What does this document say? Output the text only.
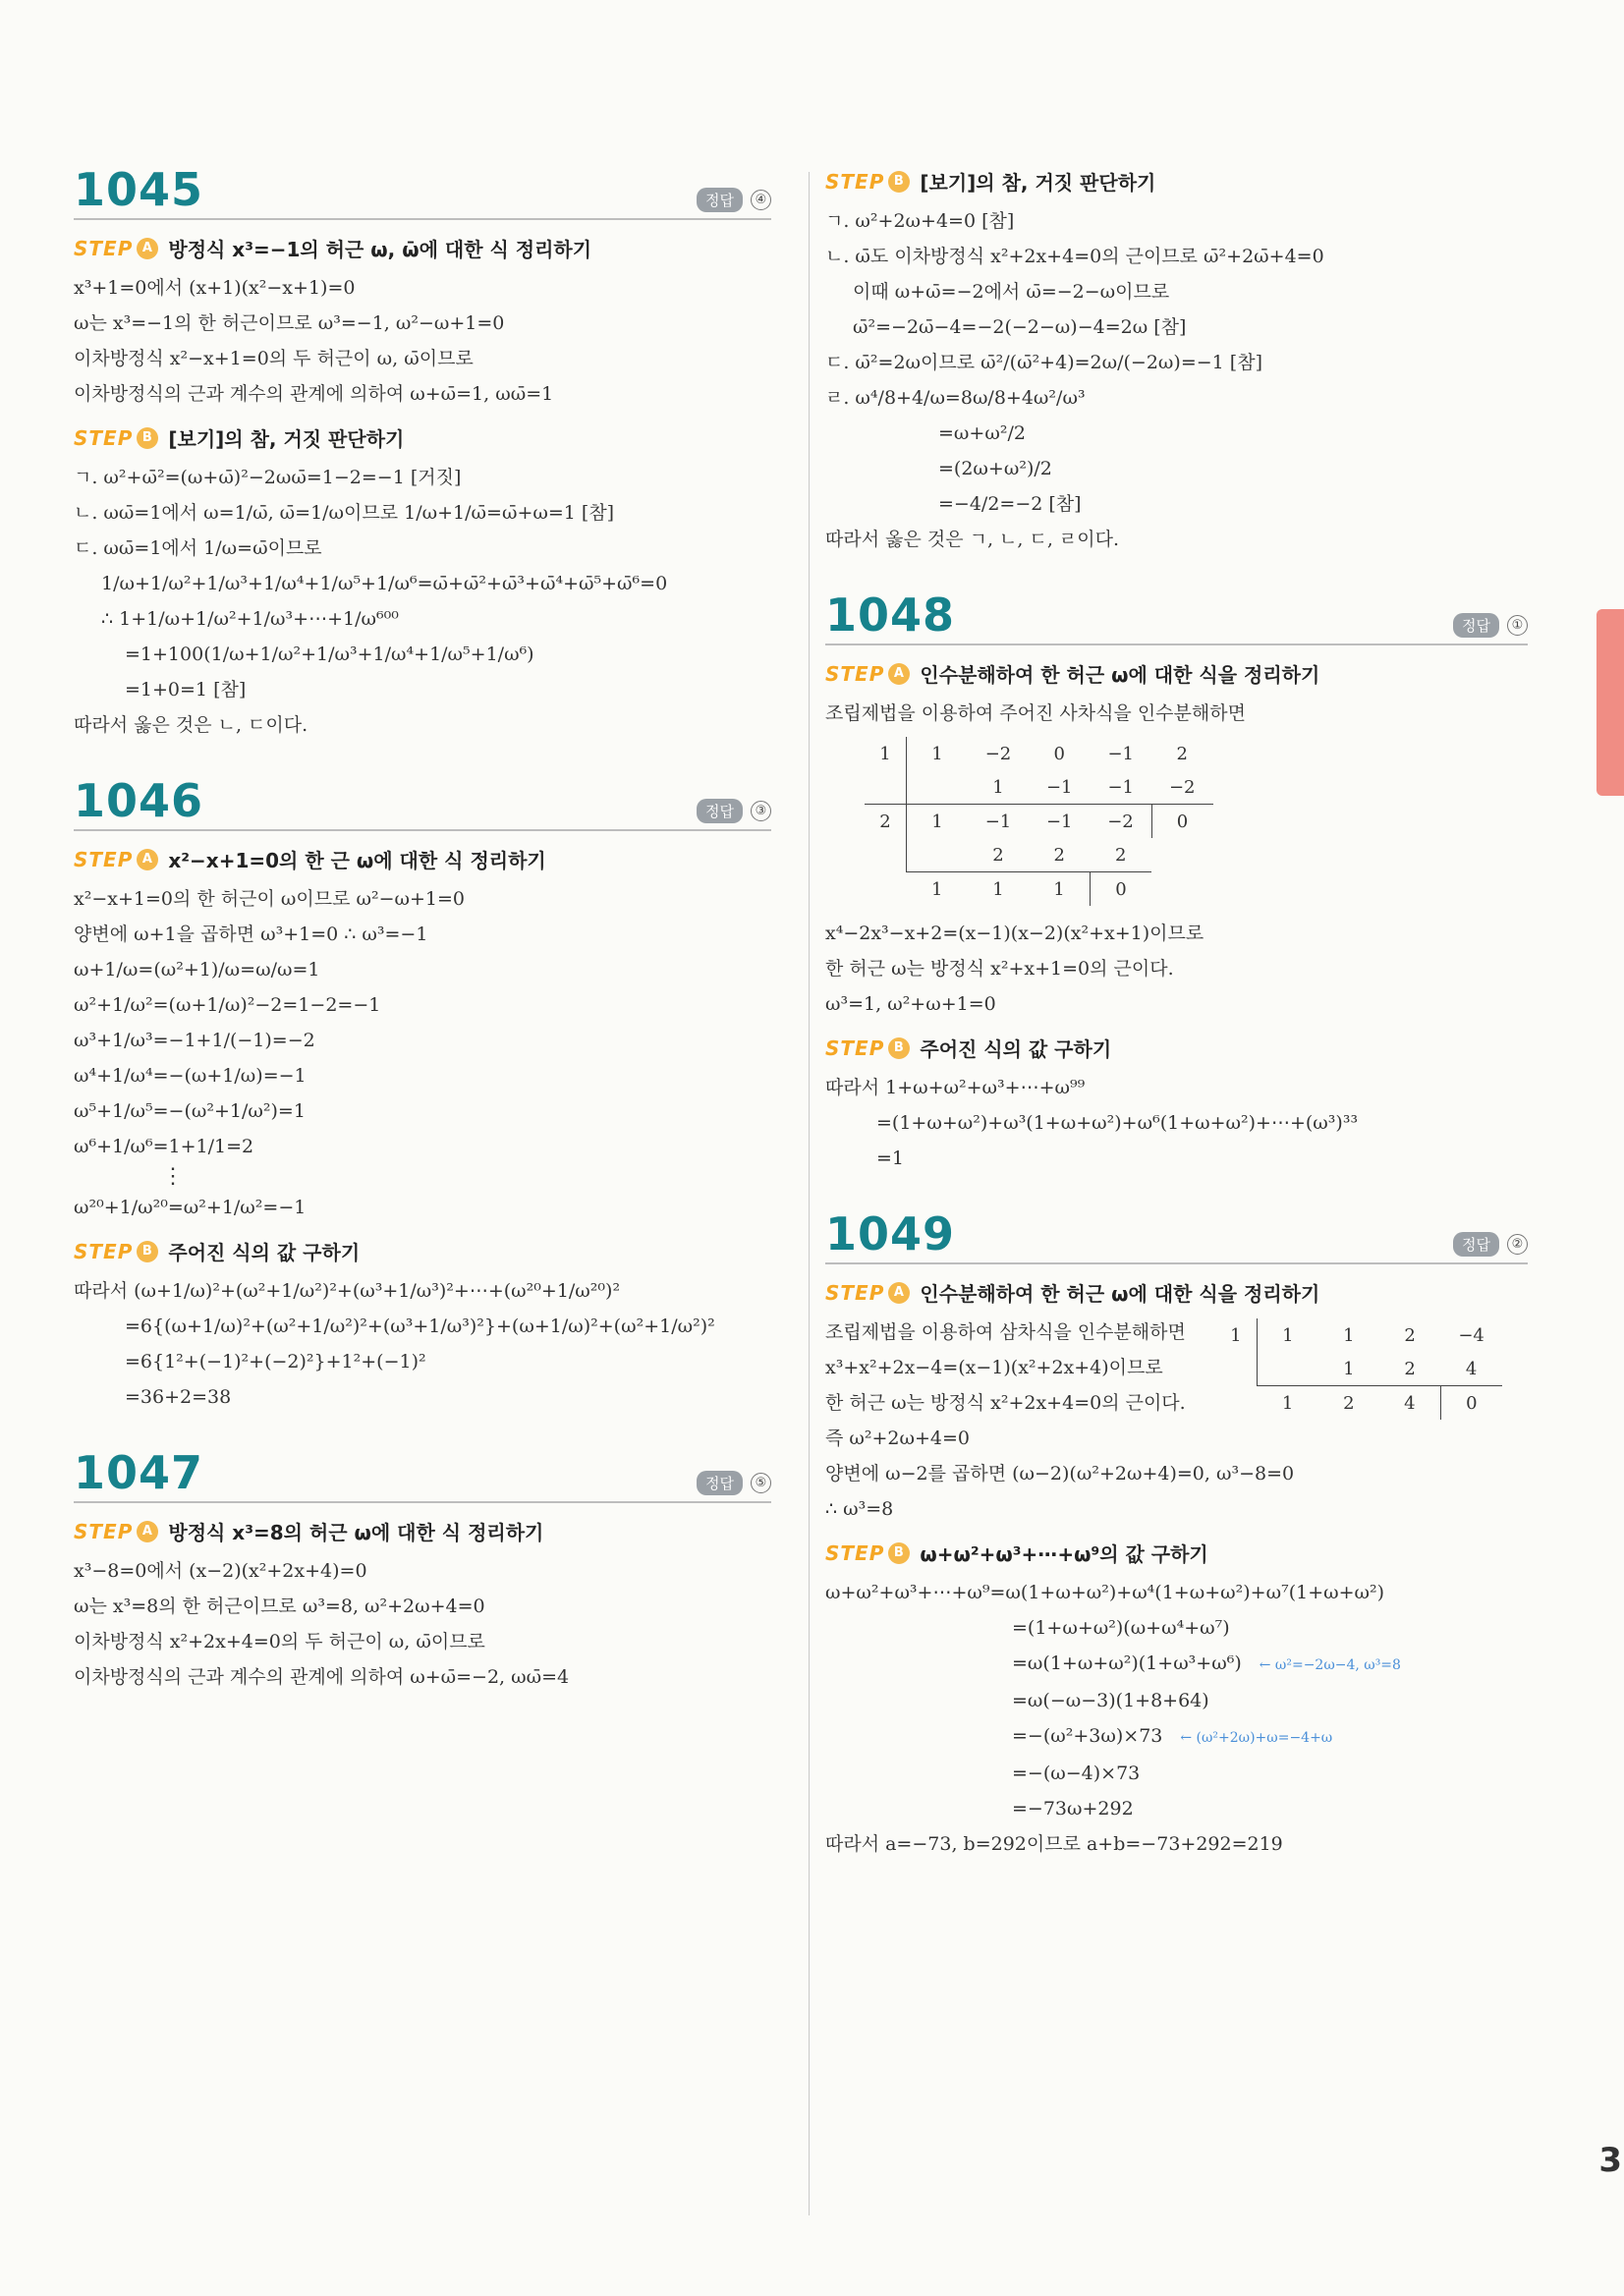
3
1045	정답	④
STEP A 방정식 x³=−1의 허근 ω, ω̄에 대한 식 정리하기
x³+1=0에서 (x+1)(x²−x+1)=0
ω는 x³=−1의 한 허근이므로 ω³=−1, ω²−ω+1=0
이차방정식 x²−x+1=0의 두 허근이 ω, ω̄이므로
이차방정식의 근과 계수의 관계에 의하여 ω+ω̄=1, ωω̄=1
STEP B [보기]의 참, 거짓 판단하기
ㄱ. ω²+ω̄²=(ω+ω̄)²−2ωω̄=1−2=−1 [거짓]
ㄴ. ωω̄=1에서 ω=1/ω̄, ω̄=1/ω이므로 1/ω+1/ω̄=ω̄+ω=1 [참]
ㄷ. ωω̄=1에서 1/ω=ω̄이므로
1/ω+1/ω²+1/ω³+1/ω⁴+1/ω⁵+1/ω⁶=ω̄+ω̄²+ω̄³+ω̄⁴+ω̄⁵+ω̄⁶=0
∴ 1+1/ω+1/ω²+1/ω³+⋯+1/ω⁶⁰⁰
=1+100(1/ω+1/ω²+1/ω³+1/ω⁴+1/ω⁵+1/ω⁶)
=1+0=1 [참]
따라서 옳은 것은 ㄴ, ㄷ이다.
1046	정답	③
STEP A x²−x+1=0의 한 근 ω에 대한 식 정리하기
x²−x+1=0의 한 허근이 ω이므로 ω²−ω+1=0
양변에 ω+1을 곱하면 ω³+1=0 ∴ ω³=−1
ω+1/ω=(ω²+1)/ω=ω/ω=1
ω²+1/ω²=(ω+1/ω)²−2=1−2=−1
ω³+1/ω³=−1+1/(−1)=−2
ω⁴+1/ω⁴=−(ω+1/ω)=−1
ω⁵+1/ω⁵=−(ω²+1/ω²)=1
ω⁶+1/ω⁶=1+1/1=2
⋮
ω²⁰+1/ω²⁰=ω²+1/ω²=−1
STEP B 주어진 식의 값 구하기
따라서 (ω+1/ω)²+(ω²+1/ω²)²+(ω³+1/ω³)²+⋯+(ω²⁰+1/ω²⁰)²
=6{(ω+1/ω)²+(ω²+1/ω²)²+(ω³+1/ω³)²}+(ω+1/ω)²+(ω²+1/ω²)²
=6{1²+(−1)²+(−2)²}+1²+(−1)²
=36+2=38
1047	정답	⑤
STEP A 방정식 x³=8의 허근 ω에 대한 식 정리하기
x³−8=0에서 (x−2)(x²+2x+4)=0
ω는 x³=8의 한 허근이므로 ω³=8, ω²+2ω+4=0
이차방정식 x²+2x+4=0의 두 허근이 ω, ω̄이므로
이차방정식의 근과 계수의 관계에 의하여 ω+ω̄=−2, ωω̄=4
STEP B [보기]의 참, 거짓 판단하기
ㄱ. ω²+2ω+4=0 [참]
ㄴ. ω̄도 이차방정식 x²+2x+4=0의 근이므로 ω̄²+2ω̄+4=0
이때 ω+ω̄=−2에서 ω̄=−2−ω이므로
ω̄²=−2ω̄−4=−2(−2−ω)−4=2ω [참]
ㄷ. ω̄²=2ω이므로 ω̄²/(ω̄²+4)=2ω/(−2ω)=−1 [참]
ㄹ. ω⁴/8+4/ω=8ω/8+4ω²/ω³
=ω+ω²/2
=(2ω+ω²)/2
=−4/2=−2 [참]
따라서 옳은 것은 ㄱ, ㄴ, ㄷ, ㄹ이다.
1048	정답	①
STEP A 인수분해하여 한 허근 ω에 대한 식을 정리하기
조립제법을 이용하여 주어진 사차식을 인수분해하면
1	1	−2	0	−1	2
		1	−1	−1	−2
2	1	−1	−1	−2	0
		2	2	2	
	1	1	1	0	
x⁴−2x³−x+2=(x−1)(x−2)(x²+x+1)이므로
한 허근 ω는 방정식 x²+x+1=0의 근이다.
ω³=1, ω²+ω+1=0
STEP B 주어진 식의 값 구하기
따라서 1+ω+ω²+ω³+⋯+ω⁹⁹
=(1+ω+ω²)+ω³(1+ω+ω²)+ω⁶(1+ω+ω²)+⋯+(ω³)³³
=1
1049	정답	②
STEP A 인수분해하여 한 허근 ω에 대한 식을 정리하기
조립제법을 이용하여 삼차식을 인수분해하면
x³+x²+2x−4=(x−1)(x²+2x+4)이므로
한 허근 ω는 방정식 x²+2x+4=0의 근이다.
1	1	1	2	−4
		1	2	4
	1	2	4	0
즉 ω²+2ω+4=0
양변에 ω−2를 곱하면 (ω−2)(ω²+2ω+4)=0, ω³−8=0
∴ ω³=8
STEP B ω+ω²+ω³+⋯+ω⁹의 값 구하기
ω+ω²+ω³+⋯+ω⁹=ω(1+ω+ω²)+ω⁴(1+ω+ω²)+ω⁷(1+ω+ω²)
=(1+ω+ω²)(ω+ω⁴+ω⁷)
=ω(1+ω+ω²)(1+ω³+ω⁶) ← ω²=−2ω−4, ω³=8
=ω(−ω−3)(1+8+64)
=−(ω²+3ω)×73 ← (ω²+2ω)+ω=−4+ω
=−(ω−4)×73
=−73ω+292
따라서 a=−73, b=292이므로 a+b=−73+292=219
